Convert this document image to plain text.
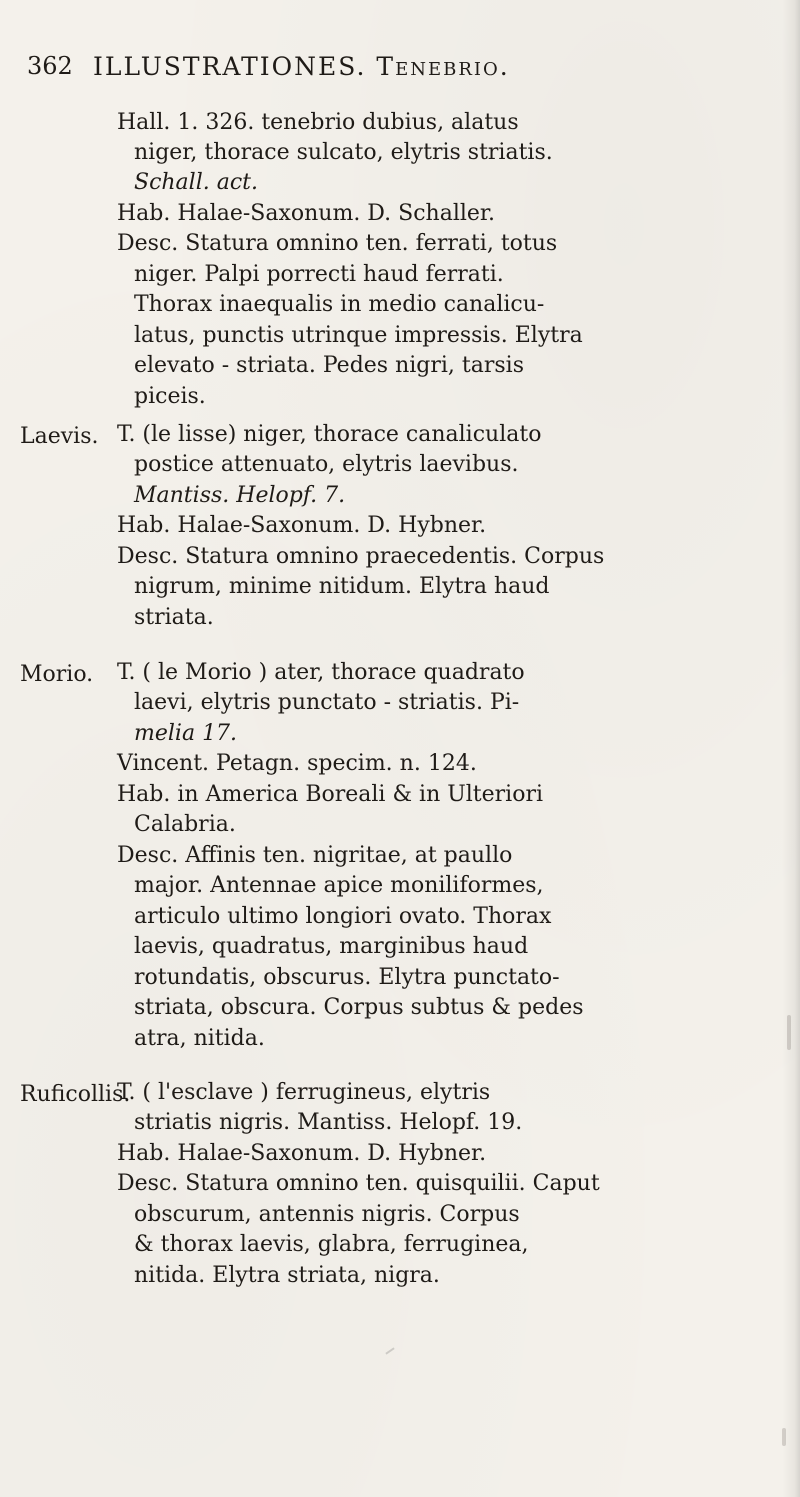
362 ILLUSTRATIONES. Tenebrio.
Hall. 1. 326. tenebrio dubius, alatus
niger, thorace sulcato, elytris striatis.
Schall. act.
Hab. Halae-Saxonum. D. Schaller.
Desc. Statura omnino ten. ferrati, totus
niger. Palpi porrecti haud ferrati.
Thorax inaequalis in medio canalicu-
latus, punctis utrinque impressis. Elytra
elevato - striata. Pedes nigri, tarsis
piceis.
Laevis. T. (le lisse) niger, thorace canaliculato
postice attenuato, elytris laevibus.
Mantiss. Helopf. 7.
Hab. Halae-Saxonum. D. Hybner.
Desc. Statura omnino praecedentis. Corpus
nigrum, minime nitidum. Elytra haud
striata.
Morio. T. ( le Morio ) ater, thorace quadrato
laevi, elytris punctato - striatis. Pi-
melia 17.
Vincent. Petagn. specim. n. 124.
Hab. in America Boreali & in Ulteriori
Calabria.
Desc. Affinis ten. nigritae, at paullo
major. Antennae apice moniliformes,
articulo ultimo longiori ovato. Thorax
laevis, quadratus, marginibus haud
rotundatis, obscurus. Elytra punctato-
striata, obscura. Corpus subtus & pedes
atra, nitida.
Ruficollis.
T. ( l'esclave ) ferrugineus, elytris
striatis nigris. Mantiss. Helopf. 19.
Hab. Halae-Saxonum. D. Hybner.
Desc. Statura omnino ten. quisquilii. Caput
obscurum, antennis nigris. Corpus
& thorax laevis, glabra, ferruginea,
nitida. Elytra striata, nigra.
